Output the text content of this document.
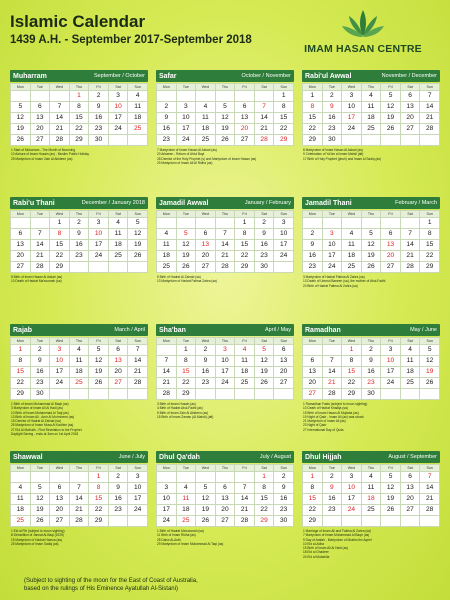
Islamic Calendar
1439 A.H. - September 2017-September 2018
IMAM HASAN CENTRE
Muharram	September / October
Mon	Tue	Wed	Thu	Fri	Sat	Sun
			1	2	3	4
5	6	7	8	9	10	11
12	13	14	15	16	17	18
19	20	21	22	23	24	25
26	27	28	29	30		
1 Start of Muharram - The Month of Mourning
10 Ashura of Imam Husain (as) - Muslim Public Holiday
25 Martyrdom of Imam Zain Al Abideen (as)
Safar	October / November
Mon	Tue	Wed	Thu	Fri	Sat	Sun
						1
2	3	4	5	6	7	8
9	10	11	12	13	14	15
16	17	18	19	20	21	22
23	24	25	26	27	28	29
7 Martyrdom of Imam Hasan Al Askari (as)
20 Arbaeen - Return of Ahlul Bayt
28 Demise of the Holy Prophet (s) and Martyrdom of Imam Hasan (as)
29 Martyrdom of Imam Ali Al Ridha (as)
Rabi'ul Awwal	November / December
Mon	Tue	Wed	Thu	Fri	Sat	Sun
1	2	3	4	5	6	7
8	9	10	11	12	13	14
15	16	17	18	19	20	21
22	23	24	25	26	27	28
29	30					
8 Martyrdom of Imam Hasan Al Askari (as)
9 Celebration of Ya'ûm al Imam Mahdi (atf)
17 Birth of Holy Prophet (pbuh) and Imam Al Sadiq (as)
Rabi'u Thani	December / January 2018
Mon	Tue	Wed	Thu	Fri	Sat	Sun
		1	2	3	4	5
6	7	8	9	10	11	12
13	14	15	16	17	18	19
20	21	22	23	24	25	26
27	28	29				
8 Birth of Imam Hasan Al Askari (as)
10 Death of Hadrat Ma'soomah (sa)
Jamadil Awwal	January / February
Mon	Tue	Wed	Thu	Fri	Sat	Sun
				1	2	3
4	5	6	7	8	9	10
11	12	13	14	15	16	17
18	19	20	21	22	23	24
25	26	27	28	29	30	
5 Birth of Hadrat Al Zainab (sa)
13 Martyrdom of Hadrat Fatima Zahra (sa)
Jamadil Thani	February / March
Mon	Tue	Wed	Thu	Fri	Sat	Sun
						1
2	3	4	5	6	7	8
9	10	11	12	13	14	15
16	17	18	19	20	21	22
23	24	25	26	27	28	29
3 Martyrdom of Hadrat Fatima Al Zahra (sa)
13 Death of Ummul Baneen (sa), the mother of Abul-Fadhl
20 Birth of Hadrat Fatima Al Zahra (sa)
Rajab	March / April
Mon	Tue	Wed	Thu	Fri	Sat	Sun
1	2	3	4	5	6	7
8	9	10	11	12	13	14
15	16	17	18	19	20	21
22	23	24	25	26	27	28
29	30					
1 Birth of Imam Muhammad Al Baqir (as)
3 Martyrdom of Imam Ali Al Hadi (as)
10 Birth of Imam Muhammad Al Taqi (as)
13 Birth of Imam Ali - Amir Al Mu'mineen (as)
15 Demise of Hadrat Al Zainab (sa)
25 Martyrdom of Imam Musa Al Kadhim (as)
27 Eid Al Mab'ath - First Revelation to the Prophet
Daylight Saving - ends at 3am on 1st April 2018
Sha'ban	April / May
Mon	Tue	Wed	Thu	Fri	Sat	Sun
	1	2	3	4	5	6
7	8	9	10	11	12	13
14	15	16	17	18	19	20
21	22	23	24	25	26	27
28	29					
3 Birth of Imam Husain (as)
4 Birth of Hadrat Abul-Fadhl (as)
5 Birth of Imam Zain Al Abideen (as)
15 Birth of Imam Zaman (Al-Mahdi) (atf)
Ramadhan	May / June
Mon	Tue	Wed	Thu	Fri	Sat	Sun
		1	2	3	4	5
6	7	8	9	10	11	12
13	14	15	16	17	18	19
20	21	22	23	24	25	26
27	28	29	30			
1 Ramadhan Fasts (subject to moon sighting)
10 Death of Hadrat Khadija (sa)
15 Birth of Imam Hasan Al Mujtaba (as)
19 Night of Qadr - Imam Ali (as) was struck
21 Martyrdom of Imam Ali (as)
23 Night of Qadr
27 International Day of Quds
Shawwal	June / July
Mon	Tue	Wed	Thu	Fri	Sat	Sun
				1	2	3
4	5	6	7	8	9	10
11	12	13	14	15	16	17
18	19	20	21	22	23	24
25	26	27	28	29		
1 Eid al Fitr (subject to moon sighting)
8 Demolition of Jannat Al-Baqi (1925)
15 Martyrdom of Hadrat Hamza (as)
25 Martyrdom of Imam Sadiq (as)
Dhul Qa'dah	July / August
Mon	Tue	Wed	Thu	Fri	Sat	Sun
					1	2
3	4	5	6	7	8	9
10	11	12	13	14	15	16
17	18	19	20	21	22	23
24	25	26	27	28	29	30
1 Birth of Hadrat Ma'soomah (sa)
11 Birth of Imam Ridha (as)
25 Dahw Al-Ardh
29 Martyrdom of Imam Muhammad Al Taqi (as)
Dhul Hijjah	August / September
Mon	Tue	Wed	Thu	Fri	Sat	Sun
1	2	3	4	5	6	7
8	9	10	11	12	13	14
15	16	17	18	19	20	21
22	23	24	25	26	27	28
29						
1 Marriage of Imam Ali and Fatima Al Zahra (sa)
7 Martyrdom of Imam Muhammad Al Baqir (as)
9 Day of Arafah - Martyrdom of Muslim ibn Aqeel
10 Eid al-Adha
15 Birth of Imam Ali Al Hadi (as)
18 Eid al Ghadeer
24 Eid al Mubahila
(Subject to sighting of the moon for the East of Coast of Australia,
based on the rulings of His Eminence Ayatullah Al-Sistani)
